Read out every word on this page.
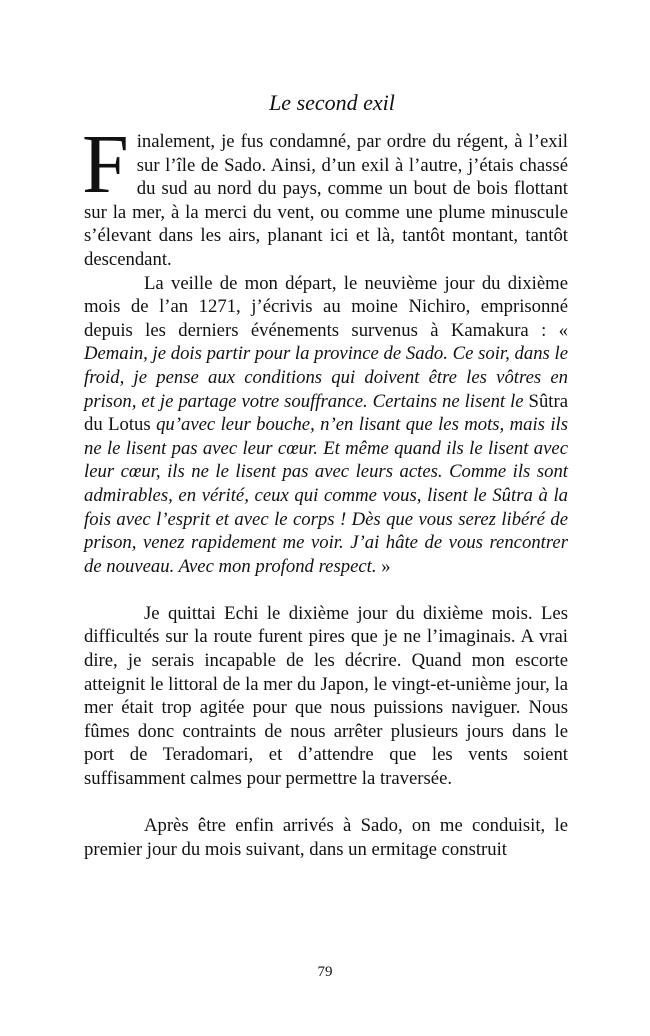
Le second exil

Finalement, je fus condamné, par ordre du régent, à l’exil sur l’île de Sado. Ainsi, d’un exil à l’autre, j’étais chassé du sud au nord du pays, comme un bout de bois flottant sur la mer, à la merci du vent, ou comme une plume minuscule s’élevant dans les airs, planant ici et là, tantôt montant, tantôt descendant.

La veille de mon départ, le neuvième jour du dixième mois de l’an 1271, j’écrivis au moine Nichiro, emprisonné depuis les derniers événements survenus à Kamakura : « Demain, je dois partir pour la province de Sado. Ce soir, dans le froid, je pense aux conditions qui doivent être les vôtres en prison, et je partage votre souffrance. Certains ne lisent le Sûtra du Lotus qu’avec leur bouche, n’en lisant que les mots, mais ils ne le lisent pas avec leur cœur. Et même quand ils le lisent avec leur cœur, ils ne le lisent pas avec leurs actes. Comme ils sont admirables, en vérité, ceux qui comme vous, lisent le Sûtra à la fois avec l’esprit et avec le corps ! Dès que vous serez libéré de prison, venez rapidement me voir. J’ai hâte de vous rencontrer de nouveau. Avec mon profond respect. »

Je quittai Echi le dixième jour du dixième mois. Les difficultés sur la route furent pires que je ne l’imaginais. A vrai dire, je serais incapable de les décrire. Quand mon escorte atteignit le littoral de la mer du Japon, le vingt-et-unième jour, la mer était trop agitée pour que nous puissions naviguer. Nous fûmes donc contraints de nous arrêter plusieurs jours dans le port de Teradomari, et d’attendre que les vents soient suffisamment calmes pour permettre la traversée.

Après être enfin arrivés à Sado, on me conduisit, le premier jour du mois suivant, dans un ermitage construit

79
